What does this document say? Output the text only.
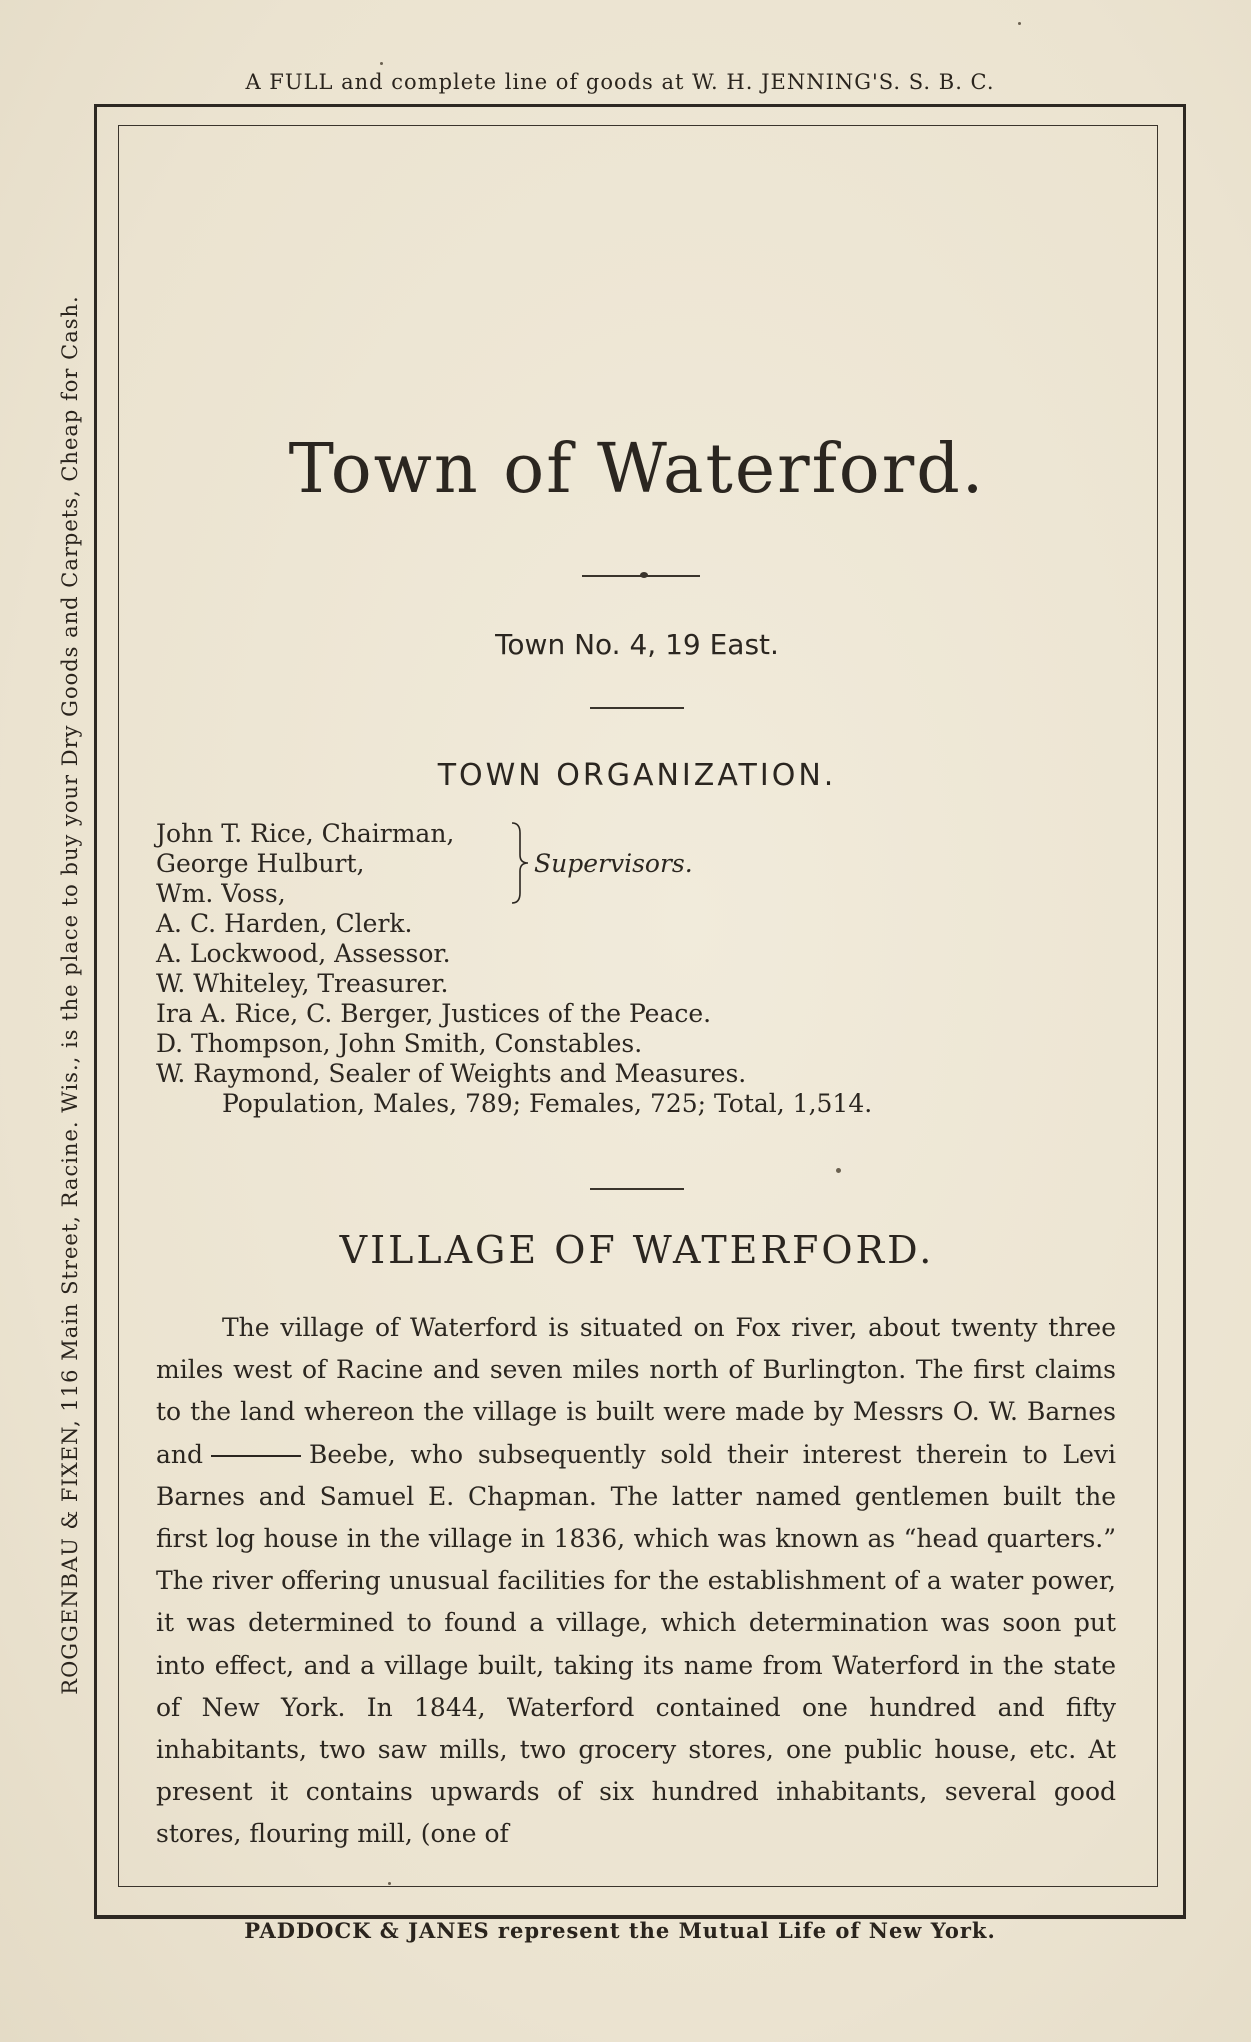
A FULL and complete line of goods at W. H. JENNING'S. S. B. C.
ROGGENBAU & FIXEN, 116 Main Street, Racine. Wis., is the place to buy your Dry Goods and Carpets, Cheap for Cash.	Town of Waterford.
Town No. 4, 19 East.
TOWN ORGANIZATION.
John T. Rice, Chairman,
George Hulburt,
Wm. Voss,
Supervisors.
A. C. Harden, Clerk.
A. Lockwood, Assessor.
W. Whiteley, Treasurer.
Ira A. Rice, C. Berger, Justices of the Peace.
D. Thompson, John Smith, Constables.
W. Raymond, Sealer of Weights and Measures.
Population, Males, 789; Females, 725; Total, 1,514.
VILLAGE OF WATERFORD.

The village of Waterford is situated on Fox river, about twenty three miles west of Racine and seven miles north of Burlington. The first claims to the land whereon the village is built were made by Messrs O. W. Barnes and	Beebe, who subsequently sold their interest therein to Levi Barnes and Samuel E. Chapman. The latter named gentlemen built the first log house in the village in 1836, which was known as “head quarters.” The river offering unusual facilities for the establishment of a water power, it was determined to found a village, which determination was soon put into effect, and a village built, taking its name from Waterford in the state of New York. In 1844, Waterford contained one hundred and fifty inhabitants, two saw mills, two grocery stores, one public house, etc. At present it contains upwards of six hundred inhabitants, several good stores, flouring mill, (one of

PADDOCK & JANES represent the Mutual Life of New York.
